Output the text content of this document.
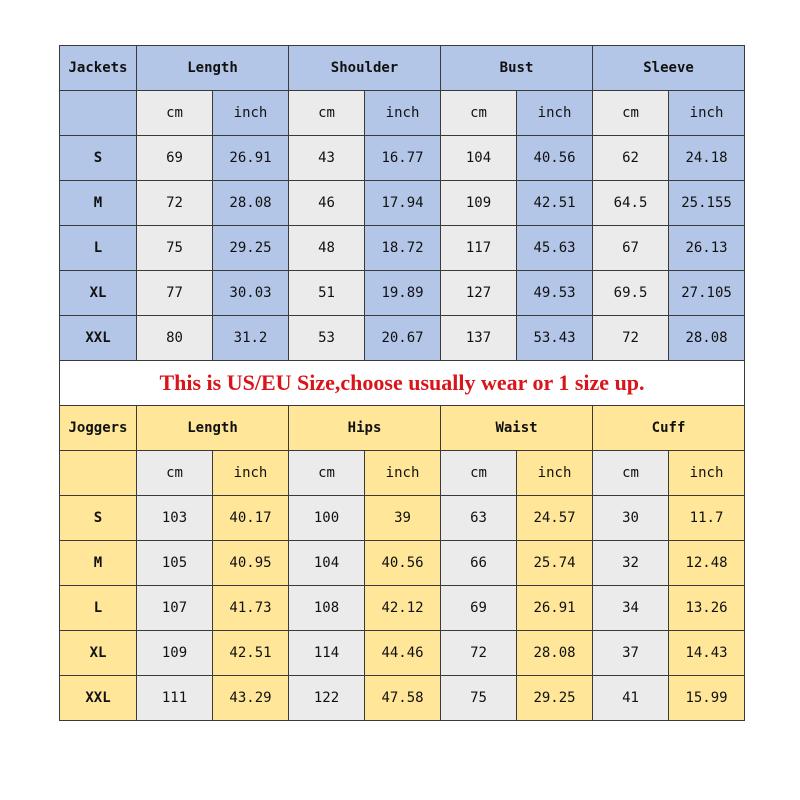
Jackets	Length		Shoulder		Bust		Sleeve	
	cm	inch	cm	inch	cm	inch	cm	inch
S	69	26.91	43	16.77	104	40.56	62	24.18
M	72	28.08	46	17.94	109	42.51	64.5	25.155
L	75	29.25	48	18.72	117	45.63	67	26.13
XL	77	30.03	51	19.89	127	49.53	69.5	27.105
XXL	80	31.2	53	20.67	137	53.43	72	28.08
This is US/EU Size,choose usually wear or 1 size up.								
Joggers	Length		Hips		Waist		Cuff	
	cm	inch	cm	inch	cm	inch	cm	inch
S	103	40.17	100	39	63	24.57	30	11.7
M	105	40.95	104	40.56	66	25.74	32	12.48
L	107	41.73	108	42.12	69	26.91	34	13.26
XL	109	42.51	114	44.46	72	28.08	37	14.43
XXL	111	43.29	122	47.58	75	29.25	41	15.99
